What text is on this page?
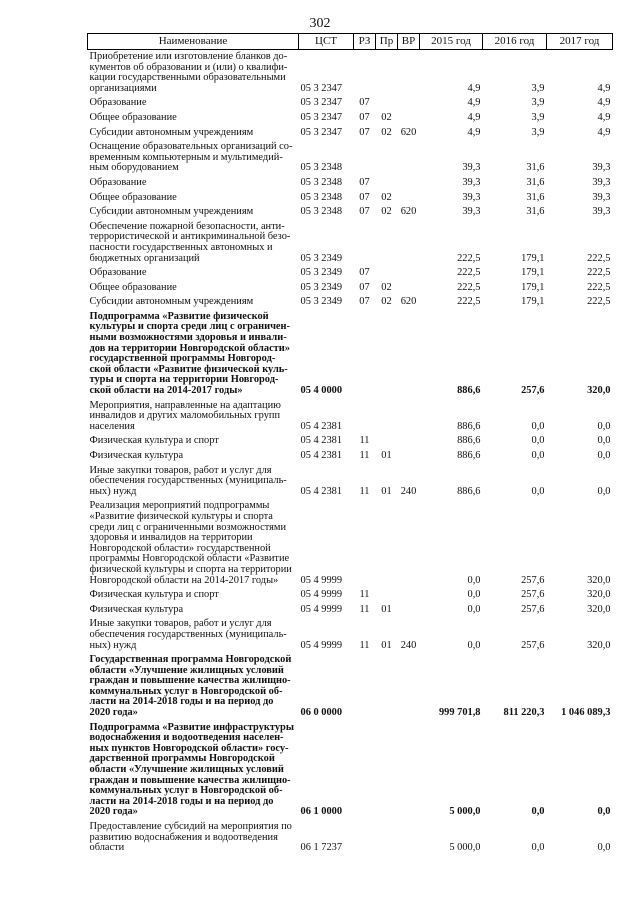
302
Наименование	ЦСТ	РЗ	Пр	ВР	2015 год	2016 год	2017 год
Приобретение или изготовление бланков до-кументов об образовании и (или) о квалифи-кации государственными образовательными организациями	05 3 2347				4,9	3,9	4,9
Образование	05 3 2347	07			4,9	3,9	4,9
Общее образование	05 3 2347	07	02		4,9	3,9	4,9
Субсидии автономным учреждениям	05 3 2347	07	02	620	4,9	3,9	4,9
Оснащение образовательных организаций со-временным компьютерным и мультимедий-ным оборудованием	05 3 2348				39,3	31,6	39,3
Образование	05 3 2348	07			39,3	31,6	39,3
Общее образование	05 3 2348	07	02		39,3	31,6	39,3
Субсидии автономным учреждениям	05 3 2348	07	02	620	39,3	31,6	39,3
Обеспечение пожарной безопасности, анти-террористической и антикриминальной безо-пасности государственных автономных и бюджетных организаций	05 3 2349				222,5	179,1	222,5
Образование	05 3 2349	07			222,5	179,1	222,5
Общее образование	05 3 2349	07	02		222,5	179,1	222,5
Субсидии автономным учреждениям	05 3 2349	07	02	620	222,5	179,1	222,5
Подпрограмма «Развитие физической культуры и спорта среди лиц с ограничен-ными возможностями здоровья и инвали-дов на территории Новгородской области» государственной программы Новгород-ской области «Развитие физической куль-туры и спорта на территории Новгород-ской области на 2014-2017 годы»	05 4 0000				886,6	257,6	320,0
Мероприятия, направленные на адаптацию инвалидов и других маломобильных групп населения	05 4 2381				886,6	0,0	0,0
Физическая культура и спорт	05 4 2381	11			886,6	0,0	0,0
Физическая культура	05 4 2381	11	01		886,6	0,0	0,0
Иные закупки товаров, работ и услуг для обеспечения государственных (муниципаль-ных) нужд	05 4 2381	11	01	240	886,6	0,0	0,0
Реализация мероприятий подпрограммы «Развитие физической культуры и спорта среди лиц с ограниченными возможностями здоровья и инвалидов на территории Новгородской области» государственной программы Новгородской области «Развитие физической культуры и спорта на территории Новгородской области на 2014-2017 годы»	05 4 9999				0,0	257,6	320,0
Физическая культура и спорт	05 4 9999	11			0,0	257,6	320,0
Физическая культура	05 4 9999	11	01		0,0	257,6	320,0
Иные закупки товаров, работ и услуг для обеспечения государственных (муниципаль-ных) нужд	05 4 9999	11	01	240	0,0	257,6	320,0
Государственная программа Новгородской области «Улучшение жилищных условий граждан и повышение качества жилищно-коммунальных услуг в Новгородской об-ласти на 2014-2018 годы и на период до 2020 года»	06 0 0000				999 701,8	811 220,3	1 046 089,3
Подпрограмма «Развитие инфраструктуры водоснабжения и водоотведения населен-ных пунктов Новгородской области» госу-дарственной программы Новгородской области «Улучшение жилищных условий граждан и повышение качества жилищно-коммунальных услуг в Новгородской об-ласти на 2014-2018 годы и на период до 2020 года»	06 1 0000				5 000,0	0,0	0,0
Предоставление субсидий на мероприятия по развитию водоснабжения и водоотведения области	06 1 7237				5 000,0	0,0	0,0
